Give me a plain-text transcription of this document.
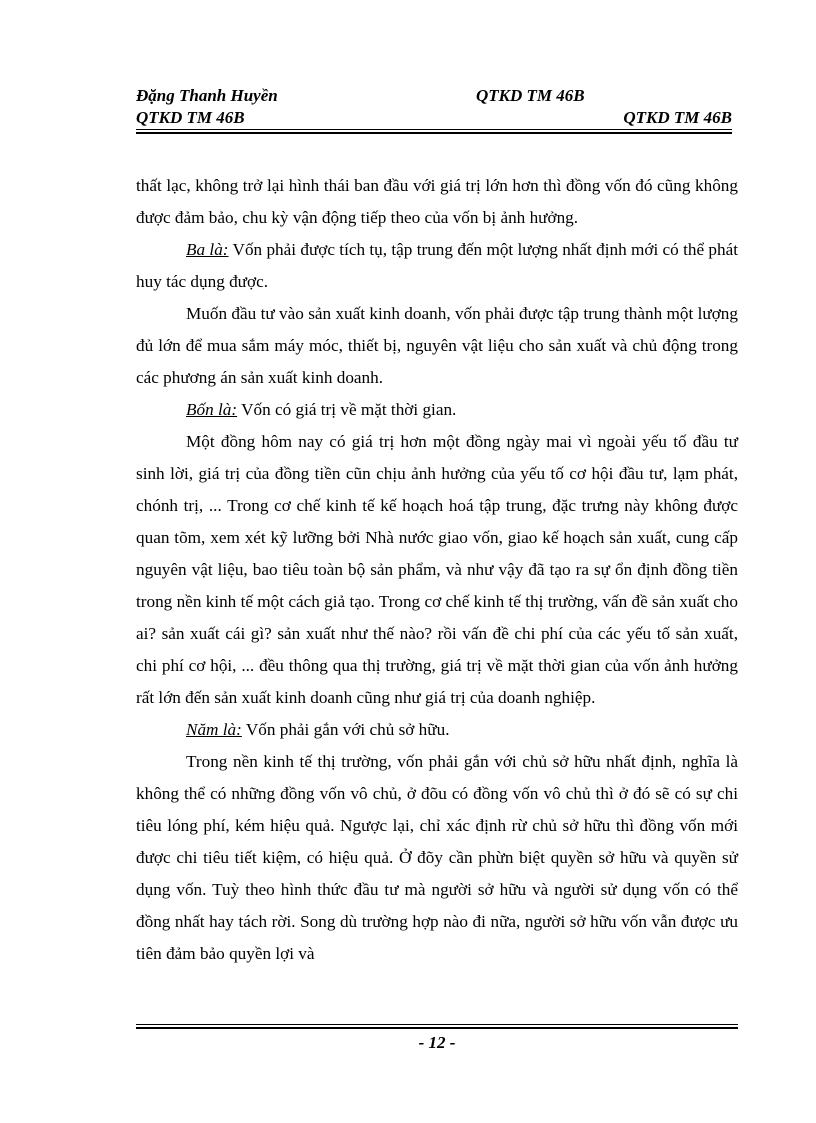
Đặng Thanh Huyền	QTKD TM 46B
QTKD TM 46B	QTKD TM 46B

thất lạc, không trở lại hình thái ban đầu với giá trị lớn hơn thì đồng vốn đó cũng không được đảm bảo, chu kỳ vận động tiếp theo của vốn bị ảnh hưởng.

Ba là: Vốn phải được tích tụ, tập trung đến một lượng nhất định mới có thể phát huy tác dụng được.

Muốn đầu tư vào sản xuất kinh doanh, vốn phải được tập trung thành một lượng đủ lớn để mua sắm máy móc, thiết bị, nguyên vật liệu cho sản xuất và chủ động trong các phương án sản xuất kinh doanh.

Bốn là: Vốn có giá trị về mặt thời gian.

Một đồng hôm nay có giá trị hơn một đồng ngày mai vì ngoài yếu tố đầu tư sinh lời, giá trị của đồng tiền cũn chịu ảnh hưởng của yếu tố cơ hội đầu tư, lạm phát, chónh trị, ... Trong cơ chế kinh tế kế hoạch hoá tập trung, đặc trưng này không được quan tõm, xem xét kỹ lưỡng bởi Nhà nước giao vốn, giao kế hoạch sản xuất, cung cấp nguyên vật liệu, bao tiêu toàn bộ sản phẩm, và như vậy đã tạo ra sự ổn định đồng tiền trong nền kinh tế một cách giả tạo. Trong cơ chế kinh tế thị trường, vấn đề sản xuất cho ai? sản xuất cái gì? sản xuất như thế nào? rồi vấn đề chi phí của các yếu tố sản xuất, chi phí cơ hội, ... đều thông qua thị trường, giá trị về mặt thời gian của vốn ảnh hưởng rất lớn đến sản xuất kinh doanh cũng như giá trị của doanh nghiệp.

Năm là: Vốn phải gắn với chủ sở hữu.

Trong nền kinh tế thị trường, vốn phải gắn với chủ sở hữu nhất định, nghĩa là không thể có những đồng vốn vô chủ, ở đõu có đồng vốn vô chủ thì ở đó sẽ có sự chi tiêu lóng phí, kém hiệu quả. Ngược lại, chỉ xác định rừ chủ sở hữu thì đồng vốn mới được chi tiêu tiết kiệm, có hiệu quả. Ở đõy cần phừn biệt quyền sở hữu và quyền sử dụng vốn. Tuỳ theo hình thức đầu tư mà người sở hữu và người sử dụng vốn có thể đồng nhất hay tách rời. Song dù trường hợp nào đi nữa, người sở hữu vốn vẫn được ưu tiên đảm bảo quyền lợi và

- 12 -
